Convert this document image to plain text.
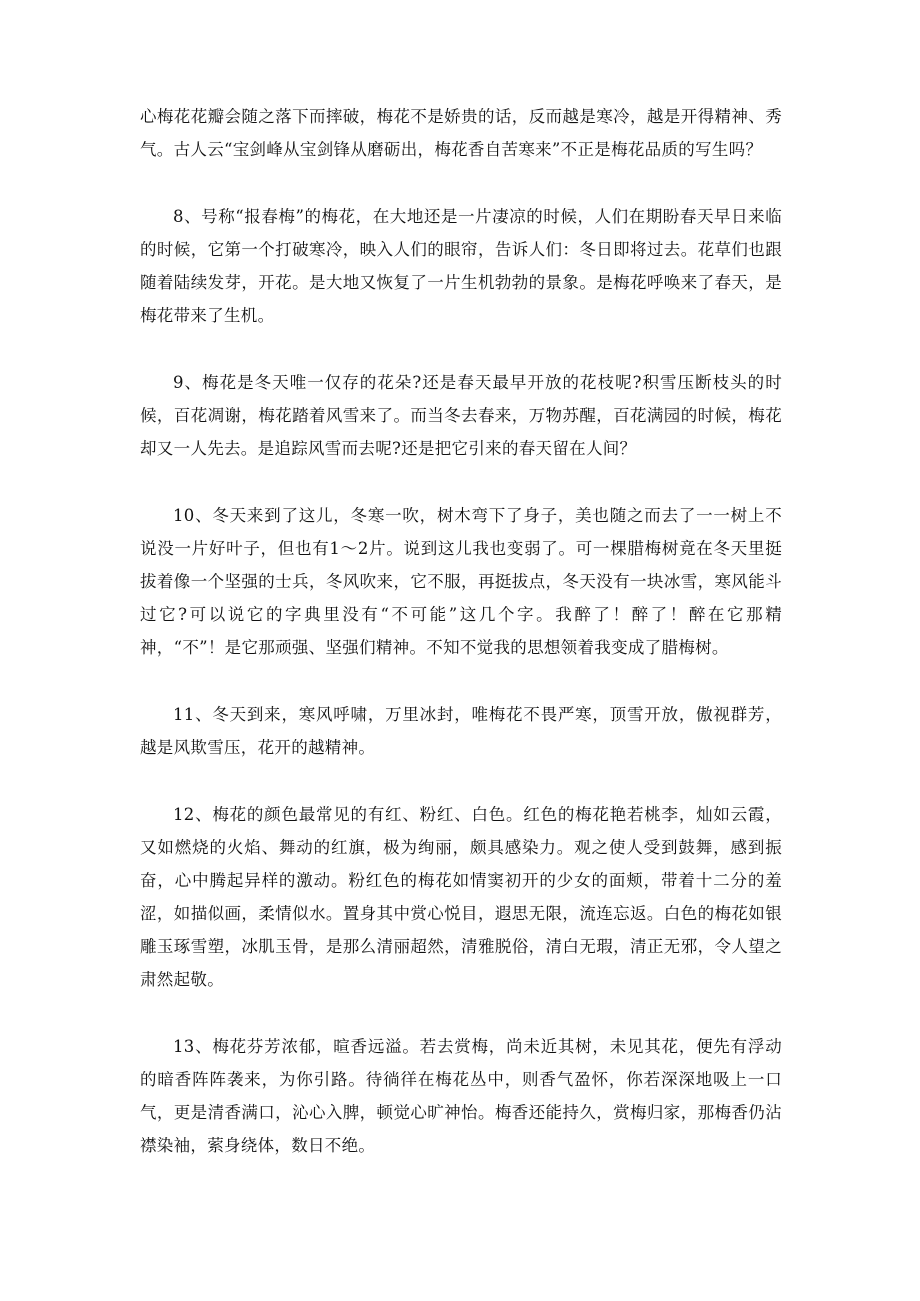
心梅花花瓣会随之落下而摔破，梅花不是娇贵的话，反而越是寒冷，越是开得精神、秀气。古人云“宝剑峰从宝剑锋从磨砺出，梅花香自苦寒来”不正是梅花品质的写生吗？

8、号称“报春梅”的梅花，在大地还是一片凄凉的时候，人们在期盼春天早日来临的时候，它第一个打破寒冷，映入人们的眼帘，告诉人们：冬日即将过去。花草们也跟随着陆续发芽，开花。是大地又恢复了一片生机勃勃的景象。是梅花呼唤来了春天，是梅花带来了生机。

9、梅花是冬天唯一仅存的花朵?还是春天最早开放的花枝呢?积雪压断枝头的时候，百花凋谢，梅花踏着风雪来了。而当冬去春来，万物苏醒，百花满园的时候，梅花却又一人先去。是追踪风雪而去呢?还是把它引来的春天留在人间？

10、冬天来到了这儿，冬寒一吹，树木弯下了身子，美也随之而去了一一树上不说没一片好叶子，但也有1～2片。说到这儿我也变弱了。可一棵腊梅树竟在冬天里挺拔着像一个坚强的士兵，冬风吹来，它不服，再挺拔点，冬天没有一块冰雪，寒风能斗过它?可以说它的字典里没有“不可能”这几个字。我醉了！醉了！醉在它那精神，“不”！是它那顽强、坚强们精神。不知不觉我的思想领着我变成了腊梅树。

11、冬天到来，寒风呼啸，万里冰封，唯梅花不畏严寒，顶雪开放，傲视群芳，越是风欺雪压，花开的越精神。

12、梅花的颜色最常见的有红、粉红、白色。红色的梅花艳若桃李，灿如云霞，又如燃烧的火焰、舞动的红旗，极为绚丽，颇具感染力。观之使人受到鼓舞，感到振奋，心中腾起异样的激动。粉红色的梅花如情窦初开的少女的面颊，带着十二分的羞涩，如描似画，柔情似水。置身其中赏心悦目，遐思无限，流连忘返。白色的梅花如银雕玉琢雪塑，冰肌玉骨，是那么清丽超然，清雅脱俗，清白无瑕，清正无邪，令人望之肃然起敬。

13、梅花芬芳浓郁，暄香远溢。若去赏梅，尚未近其树，未见其花，便先有浮动的暗香阵阵袭来，为你引路。待徜徉在梅花丛中，则香气盈怀，你若深深地吸上一口气，更是清香满口，沁心入脾，顿觉心旷神怡。梅香还能持久，赏梅归家，那梅香仍沾襟染袖，萦身绕体，数日不绝。
